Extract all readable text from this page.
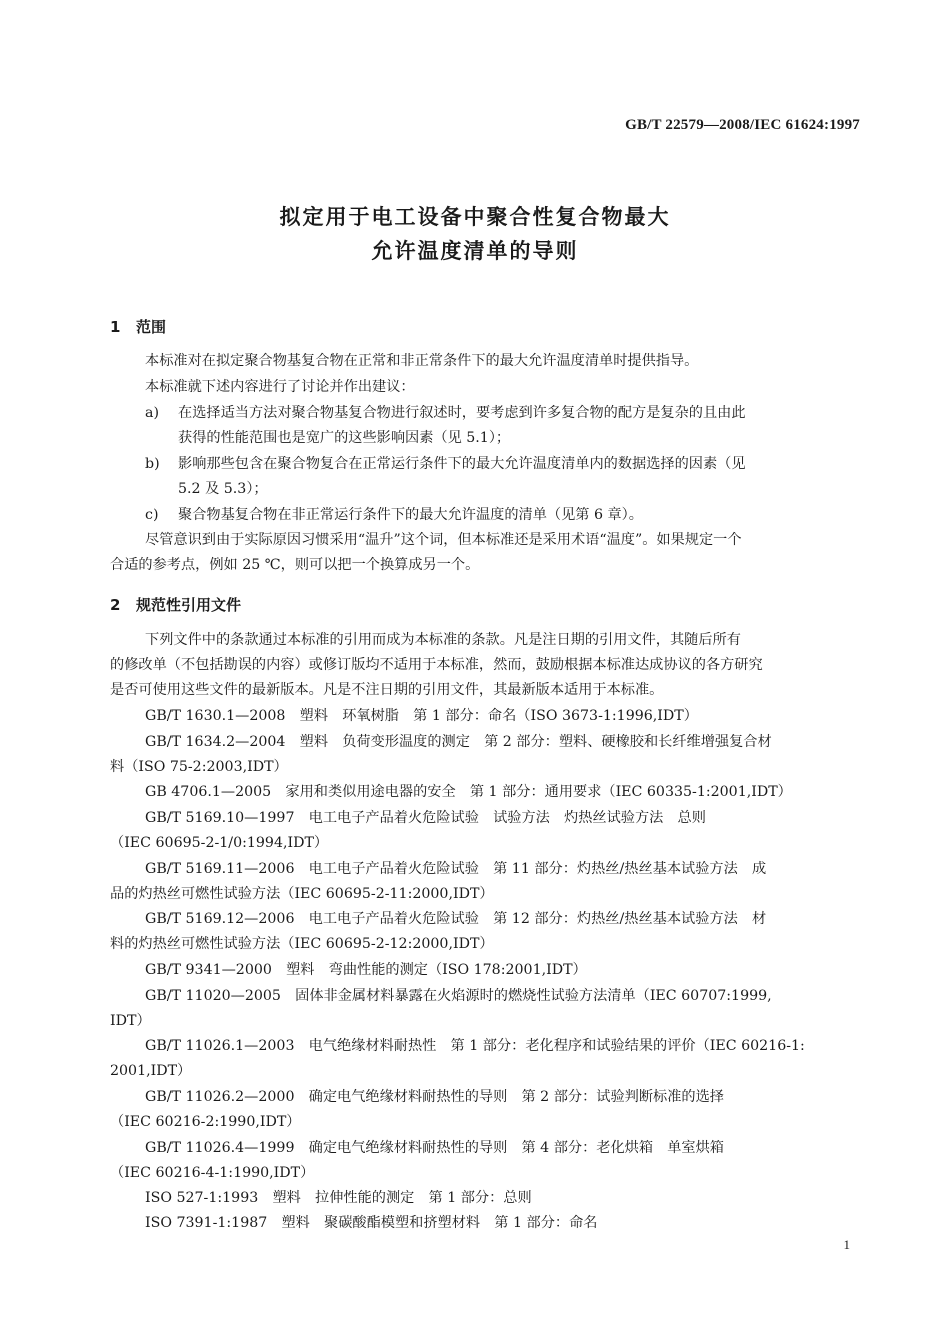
GB/T 22579—2008/IEC 61624:1997
拟定用于电工设备中聚合性复合物最大
允许温度清单的导则
1 范围
本标准对在拟定聚合物基复合物在正常和非正常条件下的最大允许温度清单时提供指导。
本标准就下述内容进行了讨论并作出建议：
a) 在选择适当方法对聚合物基复合物进行叙述时，要考虑到许多复合物的配方是复杂的且由此
获得的性能范围也是宽广的这些影响因素（见 5.1）；
b) 影响那些包含在聚合物复合在正常运行条件下的最大允许温度清单内的数据选择的因素（见
5.2 及 5.3）；
c) 聚合物基复合物在非正常运行条件下的最大允许温度的清单（见第 6 章）。
尽管意识到由于实际原因习惯采用“温升”这个词，但本标准还是采用术语“温度”。如果规定一个
合适的参考点，例如 25 ℃，则可以把一个换算成另一个。
2 规范性引用文件
下列文件中的条款通过本标准的引用而成为本标准的条款。凡是注日期的引用文件，其随后所有
的修改单（不包括勘误的内容）或修订版均不适用于本标准，然而，鼓励根据本标准达成协议的各方研究
是否可使用这些文件的最新版本。凡是不注日期的引用文件，其最新版本适用于本标准。
GB/T 1630.1—2008　塑料　环氧树脂　第 1 部分：命名（ISO 3673-1:1996,IDT）
GB/T 1634.2—2004　塑料　负荷变形温度的测定　第 2 部分：塑料、硬橡胶和长纤维增强复合材
料（ISO 75-2:2003,IDT）
GB 4706.1—2005　家用和类似用途电器的安全　第 1 部分：通用要求（IEC 60335-1:2001,IDT）
GB/T 5169.10—1997　电工电子产品着火危险试验　试验方法　灼热丝试验方法　总则
（IEC 60695-2-1/0:1994,IDT）
GB/T 5169.11—2006　电工电子产品着火危险试验　第 11 部分：灼热丝/热丝基本试验方法　成
品的灼热丝可燃性试验方法（IEC 60695-2-11:2000,IDT）
GB/T 5169.12—2006　电工电子产品着火危险试验　第 12 部分：灼热丝/热丝基本试验方法　材
料的灼热丝可燃性试验方法（IEC 60695-2-12:2000,IDT）
GB/T 9341—2000　塑料　弯曲性能的测定（ISO 178:2001,IDT）
GB/T 11020—2005　固体非金属材料暴露在火焰源时的燃烧性试验方法清单（IEC 60707:1999,
IDT）
GB/T 11026.1—2003　电气绝缘材料耐热性　第 1 部分：老化程序和试验结果的评价（IEC 60216-1:
2001,IDT）
GB/T 11026.2—2000　确定电气绝缘材料耐热性的导则　第 2 部分：试验判断标准的选择
（IEC 60216-2:1990,IDT）
GB/T 11026.4—1999　确定电气绝缘材料耐热性的导则　第 4 部分：老化烘箱　单室烘箱
（IEC 60216-4-1:1990,IDT）
ISO 527-1:1993　塑料　拉伸性能的测定　第 1 部分：总则
ISO 7391-1:1987　塑料　聚碳酸酯模塑和挤塑材料　第 1 部分：命名
1
